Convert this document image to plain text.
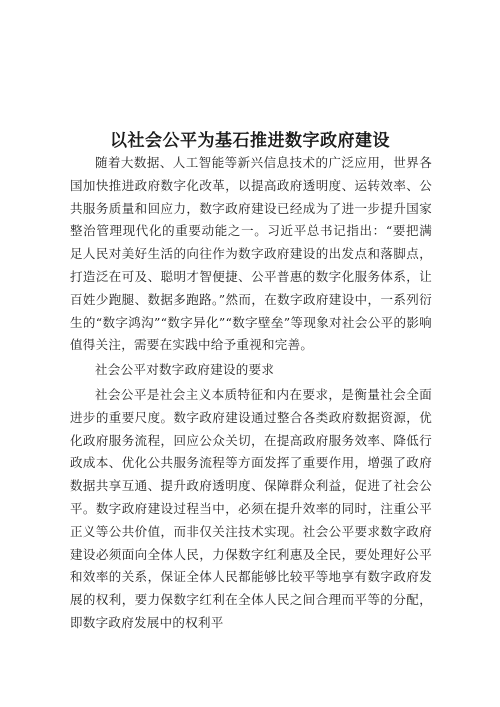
以社会公平为基石推进数字政府建设

随着大数据、人工智能等新兴信息技术的广泛应用，世界各国加快推进政府数字化改革，以提高政府透明度、运转效率、公共服务质量和回应力，数字政府建设已经成为了进一步提升国家整治管理现代化的重要动能之一。习近平总书记指出：“要把满足人民对美好生活的向往作为数字政府建设的出发点和落脚点，打造泛在可及、聪明才智便捷、公平普惠的数字化服务体系，让百姓少跑腿、数据多跑路。”然而，在数字政府建设中，一系列衍生的“数字鸿沟”“数字异化”“数字壁垒”等现象对社会公平的影响值得关注，需要在实践中给予重视和完善。

社会公平对数字政府建设的要求

社会公平是社会主义本质特征和内在要求，是衡量社会全面进步的重要尺度。数字政府建设通过整合各类政府数据资源，优化政府服务流程，回应公众关切，在提高政府服务效率、降低行政成本、优化公共服务流程等方面发挥了重要作用，增强了政府数据共享互通、提升政府透明度、保障群众利益，促进了社会公平。数字政府建设过程当中，必须在提升效率的同时，注重公平正义等公共价值，而非仅关注技术实现。社会公平要求数字政府建设必须面向全体人民，力保数字红利惠及全民，要处理好公平和效率的关系，保证全体人民都能够比较平等地享有数字政府发展的权利，要力保数字红利在全体人民之间合理而平等的分配，即数字政府发展中的权利平
